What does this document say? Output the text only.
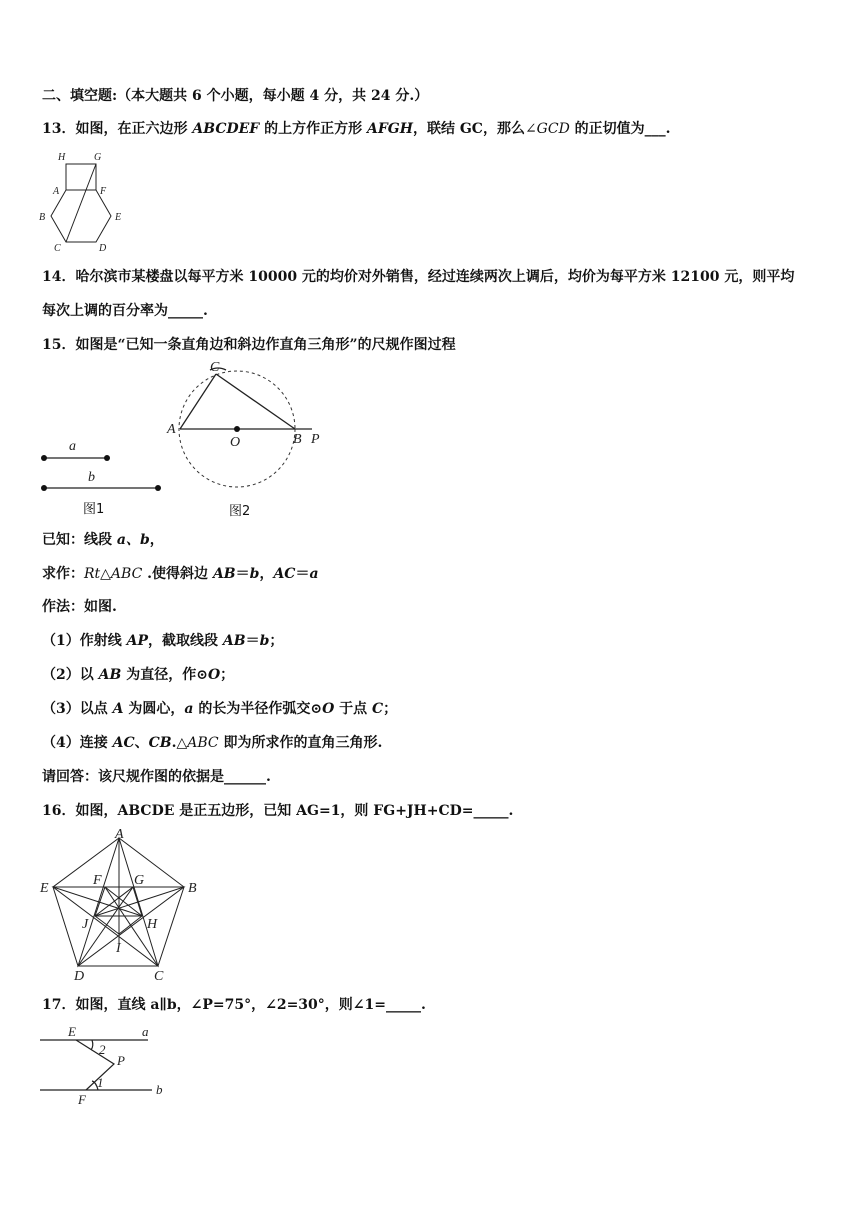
二、填空题:（本大题共 6 个小题，每小题 4 分，共 24 分.）
13．如图，在正六边形 ABCDEF 的上方作正方形 AFGH，联结 GC，那么∠GCD 的正切值为___.
H	G
A	F
B	E
C	D
14．哈尔滨市某楼盘以每平方米 10000 元的均价对外销售，经过连续两次上调后，均价为每平方米 12100 元，则平均
每次上调的百分率为_____.
15．如图是“已知一条直角边和斜边作直角三角形”的尺规作图过程
a
b
图1
C
A
O	B P
图2
已知：线段 a、b，
求作：Rt△ABC .使得斜边 AB＝b，AC＝a
作法：如图.
（1）作射线 AP，截取线段 AB＝b；
（2）以 AB 为直径，作⊙O；
（3）以点 A 为圆心，a 的长为半径作弧交⊙O 于点 C；
（4）连接 AC、CB.△ABC 即为所求作的直角三角形.
请回答：该尺规作图的依据是______.
16．如图，ABCDE 是正五边形，已知 AG=1，则 FG+JH+CD=_____.
A
B
C
D
E
F G
H
I
J
17．如图，直线 a∥b，∠P=75°，∠2=30°，则∠1=_____.
E	a
2
P
1
F
b
